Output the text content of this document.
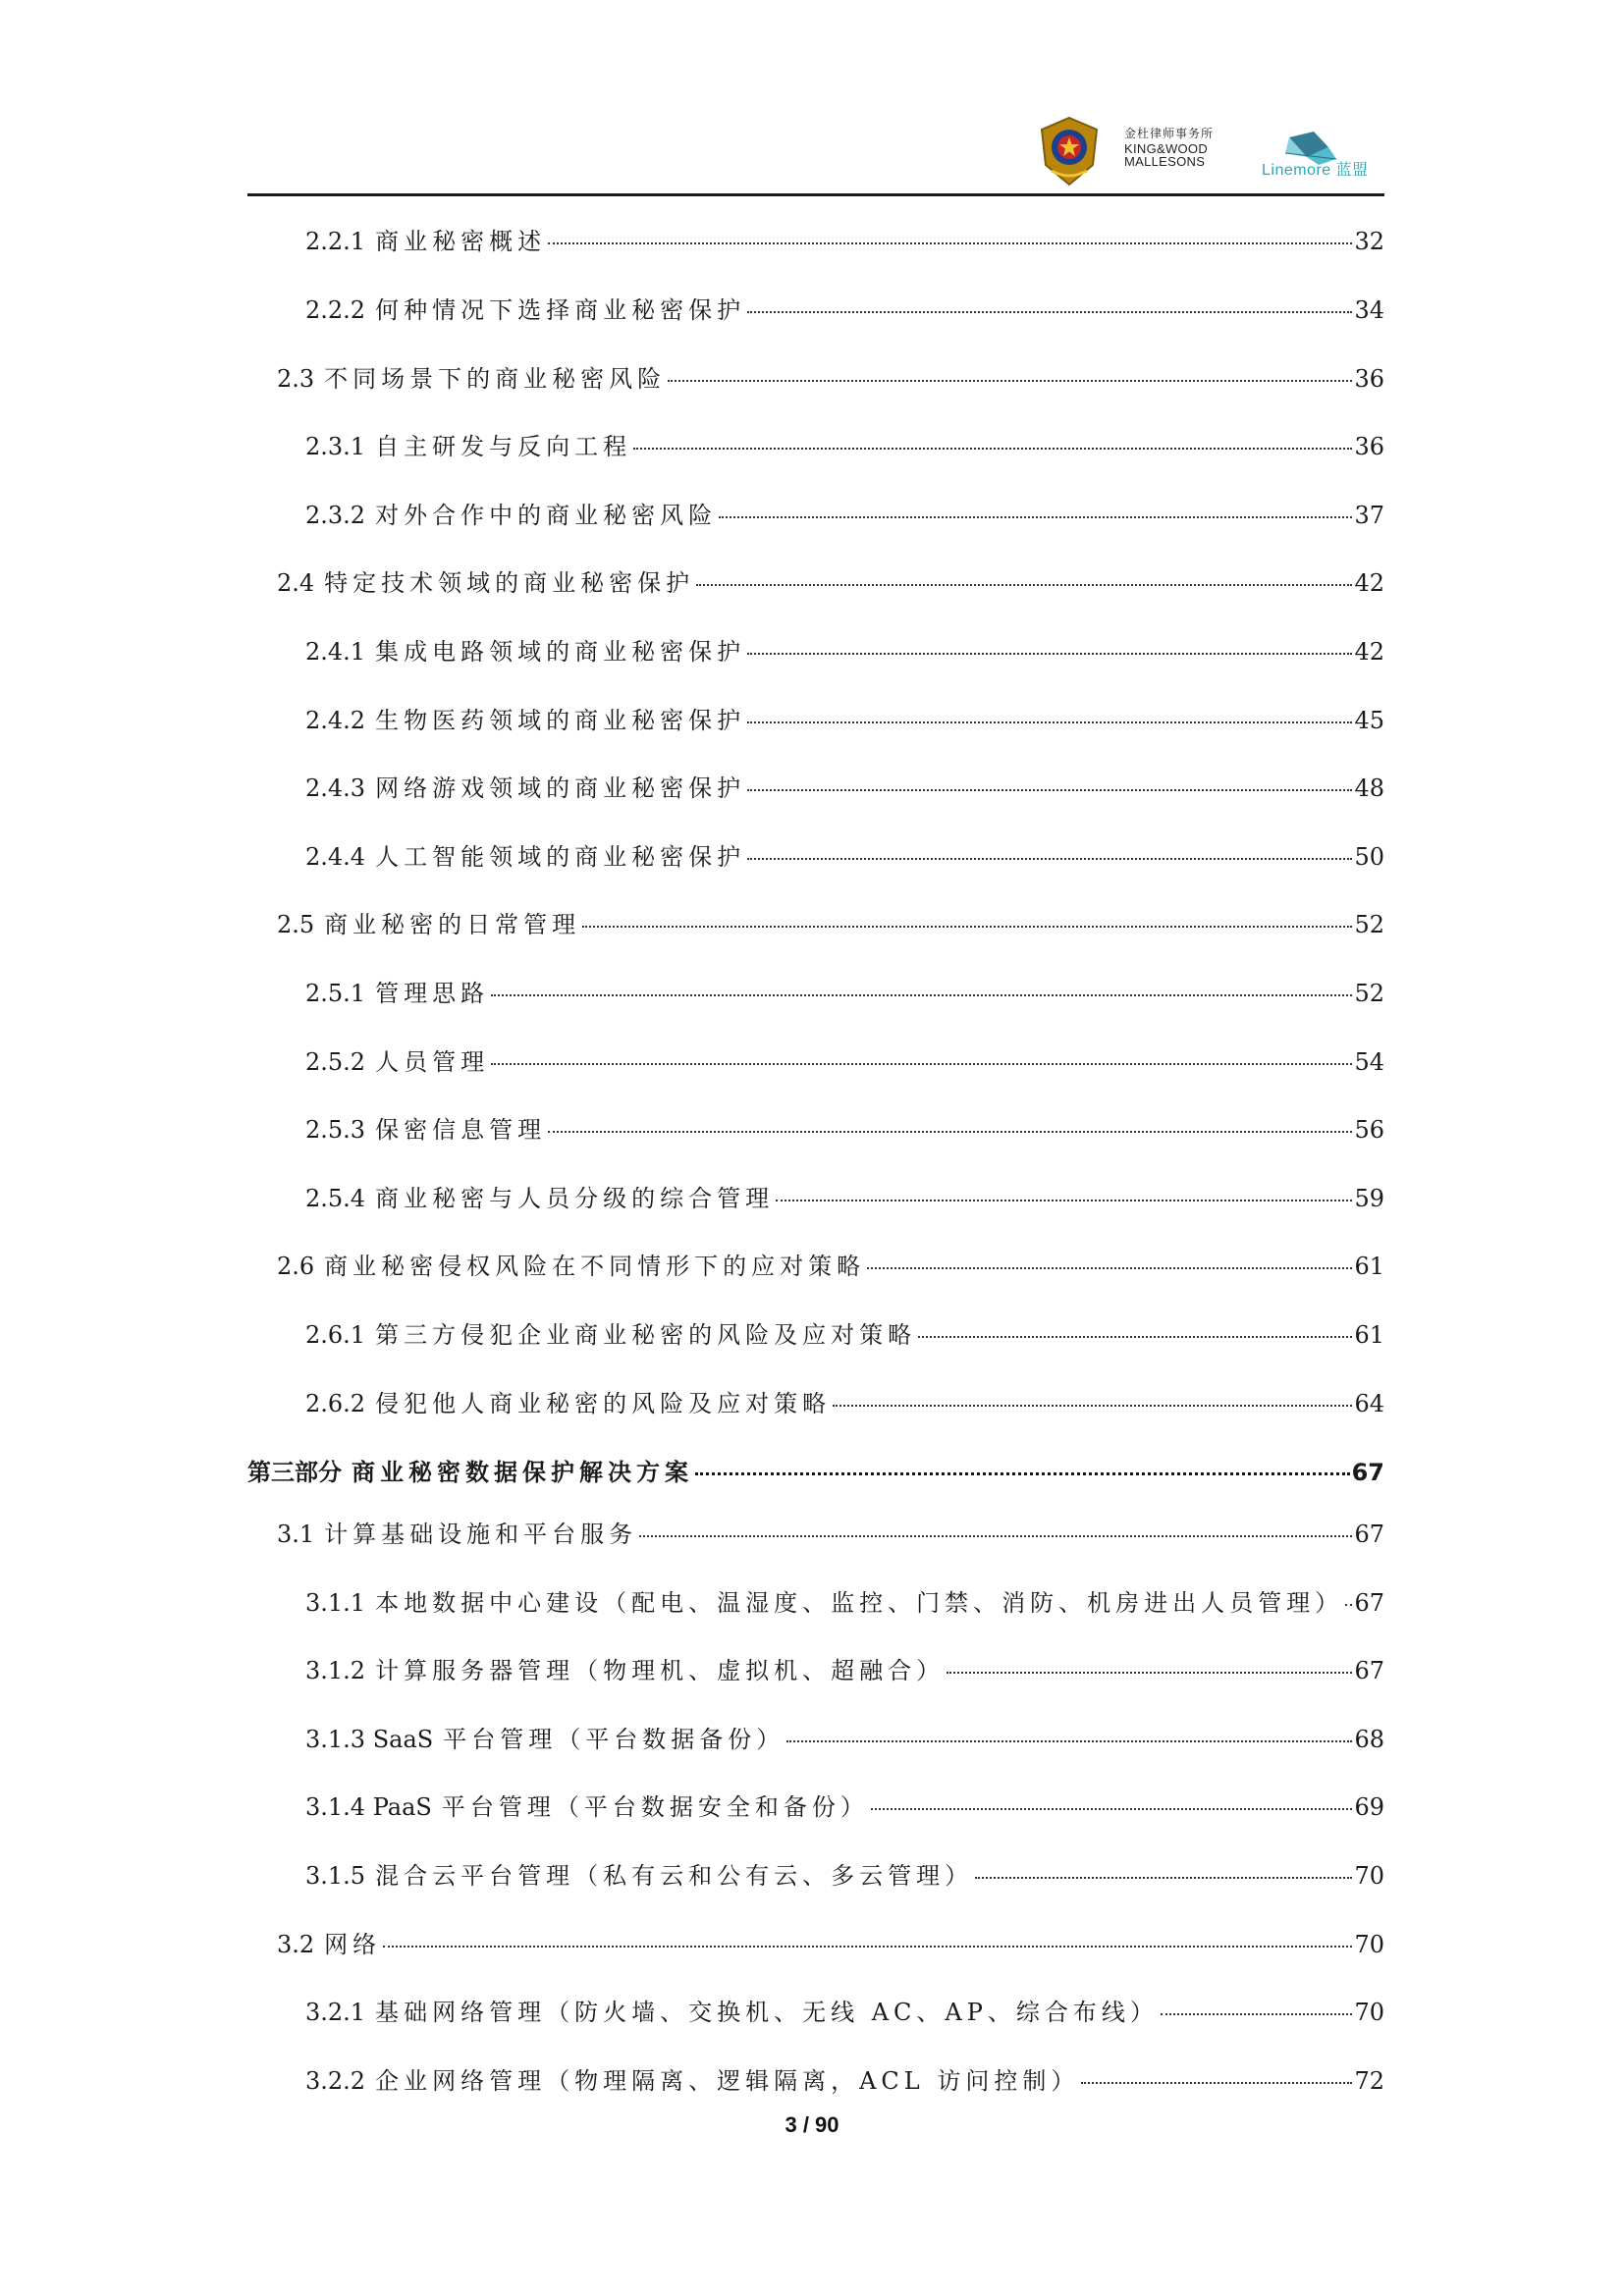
金杜律师事务所
KING&WOOD
MALLESONS
Linemore 蓝盟
2.2.1 商业秘密概述	32
2.2.2 何种情况下选择商业秘密保护	34
2.3 不同场景下的商业秘密风险	36
2.3.1 自主研发与反向工程	36
2.3.2 对外合作中的商业秘密风险	37
2.4 特定技术领域的商业秘密保护	42
2.4.1 集成电路领域的商业秘密保护	42
2.4.2 生物医药领域的商业秘密保护	45
2.4.3 网络游戏领域的商业秘密保护	48
2.4.4 人工智能领域的商业秘密保护	50
2.5 商业秘密的日常管理	52
2.5.1 管理思路	52
2.5.2 人员管理	54
2.5.3 保密信息管理	56
2.5.4 商业秘密与人员分级的综合管理	59
2.6 商业秘密侵权风险在不同情形下的应对策略	61
2.6.1 第三方侵犯企业商业秘密的风险及应对策略	61
2.6.2 侵犯他人商业秘密的风险及应对策略	64
第三部分 商业秘密数据保护解决方案	67
3.1 计算基础设施和平台服务	67
3.1.1 本地数据中心建设（配电、温湿度、监控、门禁、消防、机房进出人员管理） 67
3.1.2 计算服务器管理（物理机、虚拟机、超融合）	67
3.1.3 SaaS 平台管理（平台数据备份）	68
3.1.4 PaaS 平台管理（平台数据安全和备份）	69
3.1.5 混合云平台管理（私有云和公有云、多云管理）	70
3.2 网络	70
3.2.1 基础网络管理（防火墙、交换机、无线 AC、AP、综合布线）	70
3.2.2 企业网络管理（物理隔离、逻辑隔离，ACL 访问控制）	72
3 / 90
